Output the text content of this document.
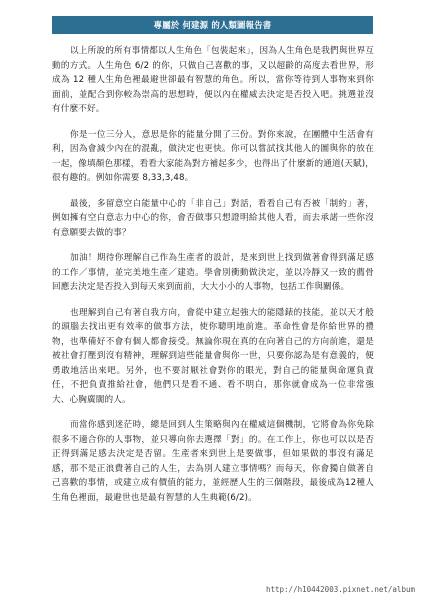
專屬於 何建源 的人類圖報告書

以上所說的所有事情都以人生角色「包裝起來」，因為人生角色是我們與世界互動的方式。人生角色 6/2 的你，只做自己喜歡的事，又以超齡的高度去看世界，形成為 12 種人生角色裡最避世卻最有智慧的角色。所以，當你等待到人事物來到你面前，並配合到你較為崇高的思想時，便以內在權威去決定是否投入吧。挑選並沒有什麼不好。

你是一位三分人，意思是你的能量分開了三份。對你來說，在團體中生活會有利，因為會減少內在的混亂，做決定也更快。你可以嘗試找其他人的圖與你的放在一起，像填顏色那樣，看看大家能為對方補起多少，也得出了什麼新的通道(天賦)，很有趣的。例如你需要 8,33,3,48。

最後，多留意空白能量中心的「非自己」對話，看看自己有否被「制約」著，例如擁有空白意志力中心的你，會否做事只想證明給其他人看，而去承諾一些你沒有意願要去做的事？

加油！期待你理解自己作為生產者的設計，是來到世上找到做著會得到滿足感的工作／事情，並完美地生產／建造。學會別衝動做決定，並以冷靜又一致的薦骨回應去決定是否投入到每天來到面前，大大小小的人事物，包括工作與關係。

也理解到自己有著自我方向，會從中建立起強大的能隱錶的技能，並以天才般的頭腦去找出更有效率的做事方法，使你聰明地前進。革命性會是你給世界的禮物，也準備好不會有個人都會接受。無論你現在真的在向著自己的方向前進，還是被社會打壓到沒有精神，理解到這些能量會與你一世，只要你認為是有意義的，便勇敢地活出來吧。另外，也不要討厭社會對你的眼光，對自己的能量與命運負責任，不把負責推給社會，他們只是看不通、看不明白，那你就會成為一位非常強大、心胸廣闊的人。

而當你感到迷茫時，總是回到人生策略與內在權威這個機制，它將會為你免除很多不適合你的人事物，並只導向你去選擇「對」的。在工作上，你也可以以是否正得到滿足感去決定是否留。生產者來到世上是要做事，但如果做的事沒有滿足感，那不是正浪費著自己的人生，去為別人建立事情嗎？而每天，你會獨自做著自己喜歡的事情，或建立成有價值的能力，並經歷人生的三個階段，最後成為12種人生角色裡面，最避世也是最有智慧的人生典範(6/2)。

http://h10442003.pixnet.net/album
